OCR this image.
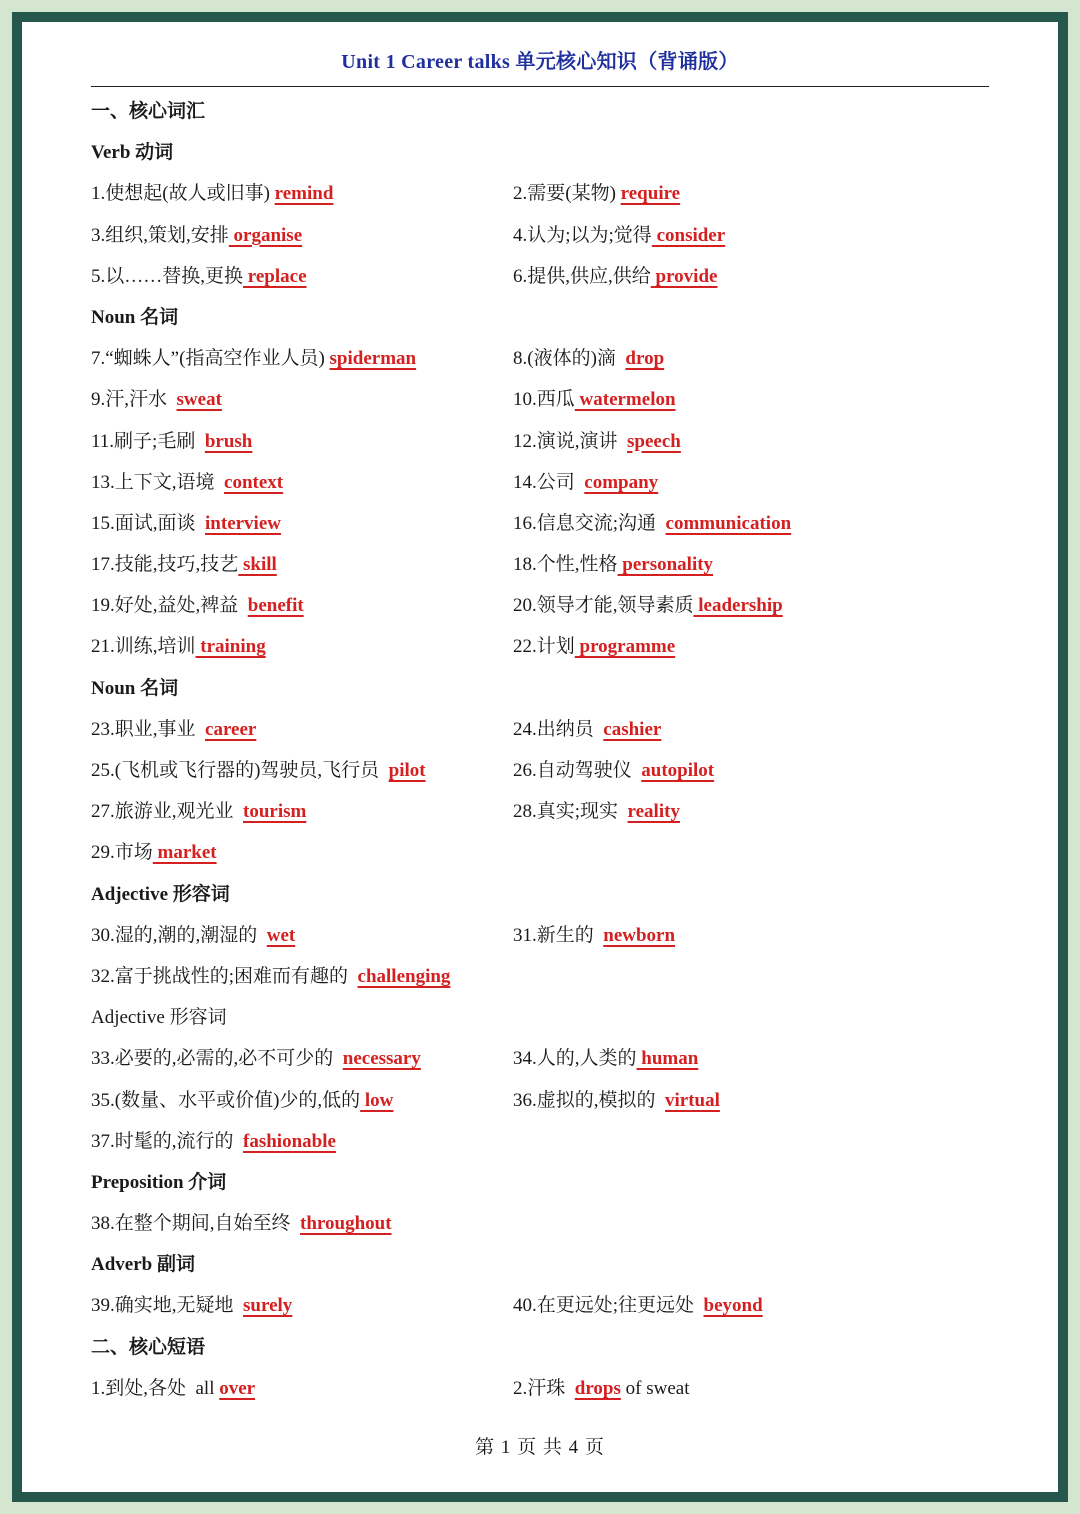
Unit 1 Career talks 单元核心知识（背诵版）
一、核心词汇
Verb 动词
1.使想起(故人或旧事) remind	2.需要(某物) require
3.组织,策划,安排 organise	4.认为;以为;觉得 consider
5.以……替换,更换 replace	6.提供,供应,供给 provide
Noun 名词
7.“蜘蛛人”(指高空作业人员) spiderman	8.(液体的)滴  drop
9.汗,汗水  sweat	10.西瓜 watermelon
11.刷子;毛刷  brush	12.演说,演讲  speech
13.上下文,语境  context	14.公司  company
15.面试,面谈  interview	16.信息交流;沟通  communication
17.技能,技巧,技艺 skill	18.个性,性格 personality
19.好处,益处,裨益  benefit	20.领导才能,领导素质 leadership
21.训练,培训 training	22.计划 programme
Noun 名词
23.职业,事业  career	24.出纳员  cashier
25.(飞机或飞行器的)驾驶员,飞行员  pilot	26.自动驾驶仪  autopilot
27.旅游业,观光业  tourism	28.真实;现实  reality
29.市场 market
Adjective 形容词
30.湿的,潮的,潮湿的  wet	31.新生的  newborn
32.富于挑战性的;困难而有趣的  challenging
Adjective 形容词
33.必要的,必需的,必不可少的  necessary	34.人的,人类的 human
35.(数量、水平或价值)少的,低的 low	36.虚拟的,模拟的  virtual
37.时髦的,流行的  fashionable
Preposition 介词
38.在整个期间,自始至终  throughout
Adverb 副词
39.确实地,无疑地  surely	40.在更远处;往更远处  beyond
二、核心短语
1.到处,各处  all over	2.汗珠  drops of sweat
第 1 页 共 4 页
